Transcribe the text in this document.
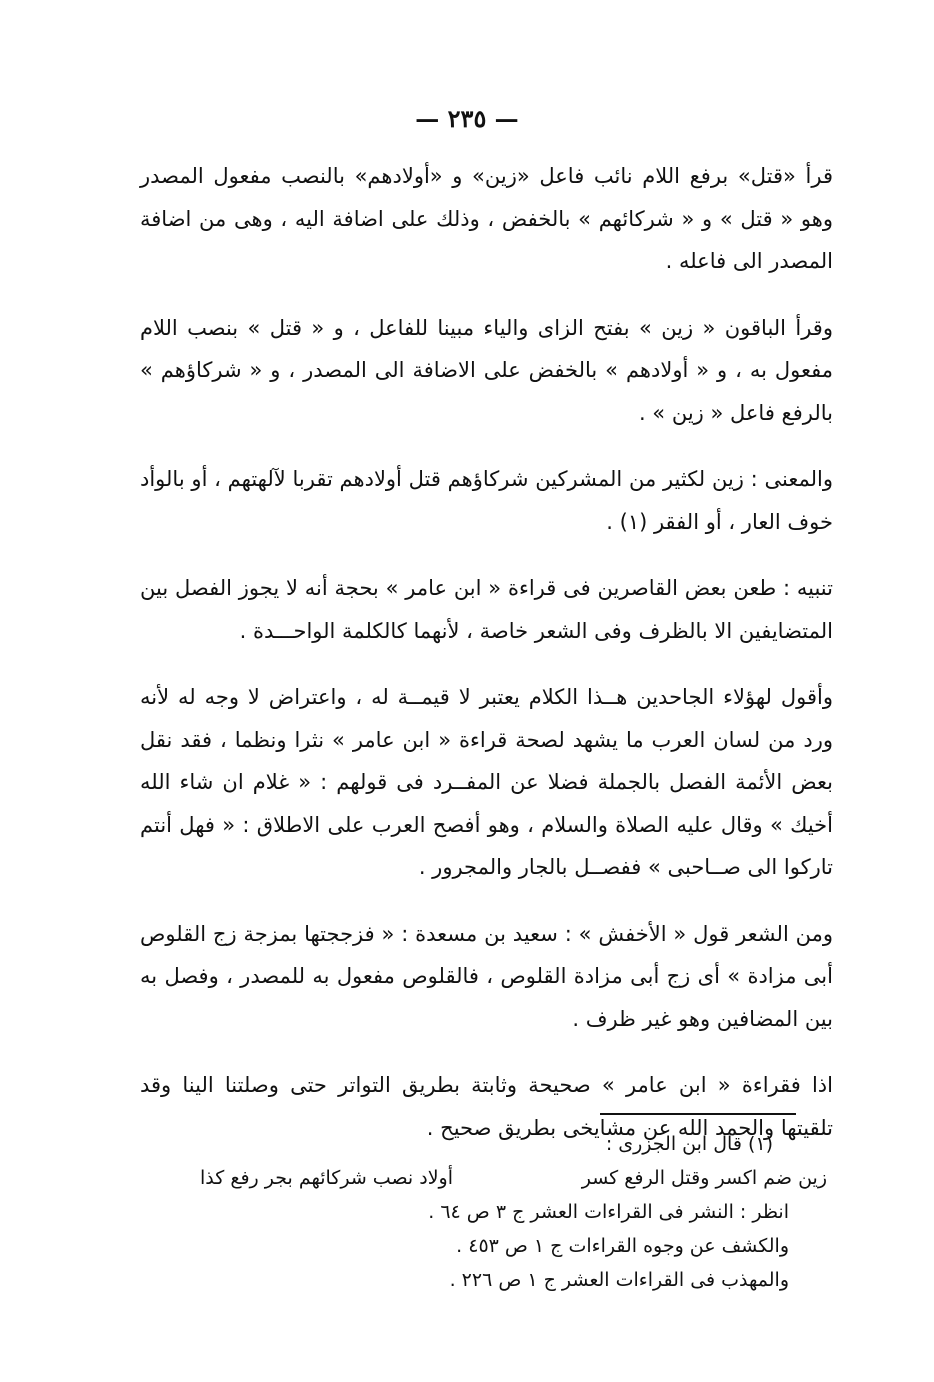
— ٢٣٥ —

قرأ «قتل» برفع اللام نائب فاعل «زين» و «أولادهم» بالنصب مفعول المصدر وهو « قتل » و « شركائهم » بالخفض ، وذلك على اضافة اليه ، وهى من اضافة المصدر الى فاعله .

وقرأ الباقون « زين » بفتح الزاى والياء مبينا للفاعل ، و « قتل » بنصب اللام مفعول به ، و « أولادهم » بالخفض على الاضافة الى المصدر ، و « شركاؤهم » بالرفع فاعل « زين » .

والمعنى : زين لكثير من المشركين شركاؤهم قتل أولادهم تقربا لآلهتهم ، أو بالوأد خوف العار ، أو الفقر (١) .

تنبيه : طعن بعض القاصرين فى قراءة « ابن عامر » بحجة أنه لا يجوز الفصل بين المتضايفين الا بالظرف وفى الشعر خاصة ، لأنهما كالكلمة الواحـــدة .

وأقول لهؤلاء الجاحدين هــذا الكلام يعتبر لا قيمــة له ، واعتراض لا وجه له لأنه ورد من لسان العرب ما يشهد لصحة قراءة « ابن عامر » نثرا ونظما ، فقد نقل بعض الأئمة الفصل بالجملة فضلا عن المفــرد فى قولهم : « غلام ان شاء الله أخيك » وقال عليه الصلاة والسلام ، وهو أفصح العرب على الاطلاق : « فهل أنتم تاركوا الى صــاحبى » ففصــل بالجار والمجرور .

ومن الشعر قول « الأخفش » : سعيد بن مسعدة : « فزججتها بمزجة زج القلوص أبى مزادة » أى زج أبى مزادة القلوص ، فالقلوص مفعول به للمصدر ، وفصل به بين المضافين وهو غير ظرف .

اذا فقراءة « ابن عامر » صحيحة وثابتة بطريق التواتر حتى وصلتنا الينا وقد تلقيتها والحمد الله عن مشايخى بطريق صحيح .

(١) قال ابن الجزرى :
زين ضم اكسر وقتل الرفع كسر
أولاد نصب شركائهم بجر رفع كذا
انظر : النشر فى القراءات العشر ج ٣ ص ٦٤ .
والكشف عن وجوه القراءات ج ١ ص ٤٥٣ .
والمهذب فى القراءات العشر ج ١ ص ٢٢٦ .
